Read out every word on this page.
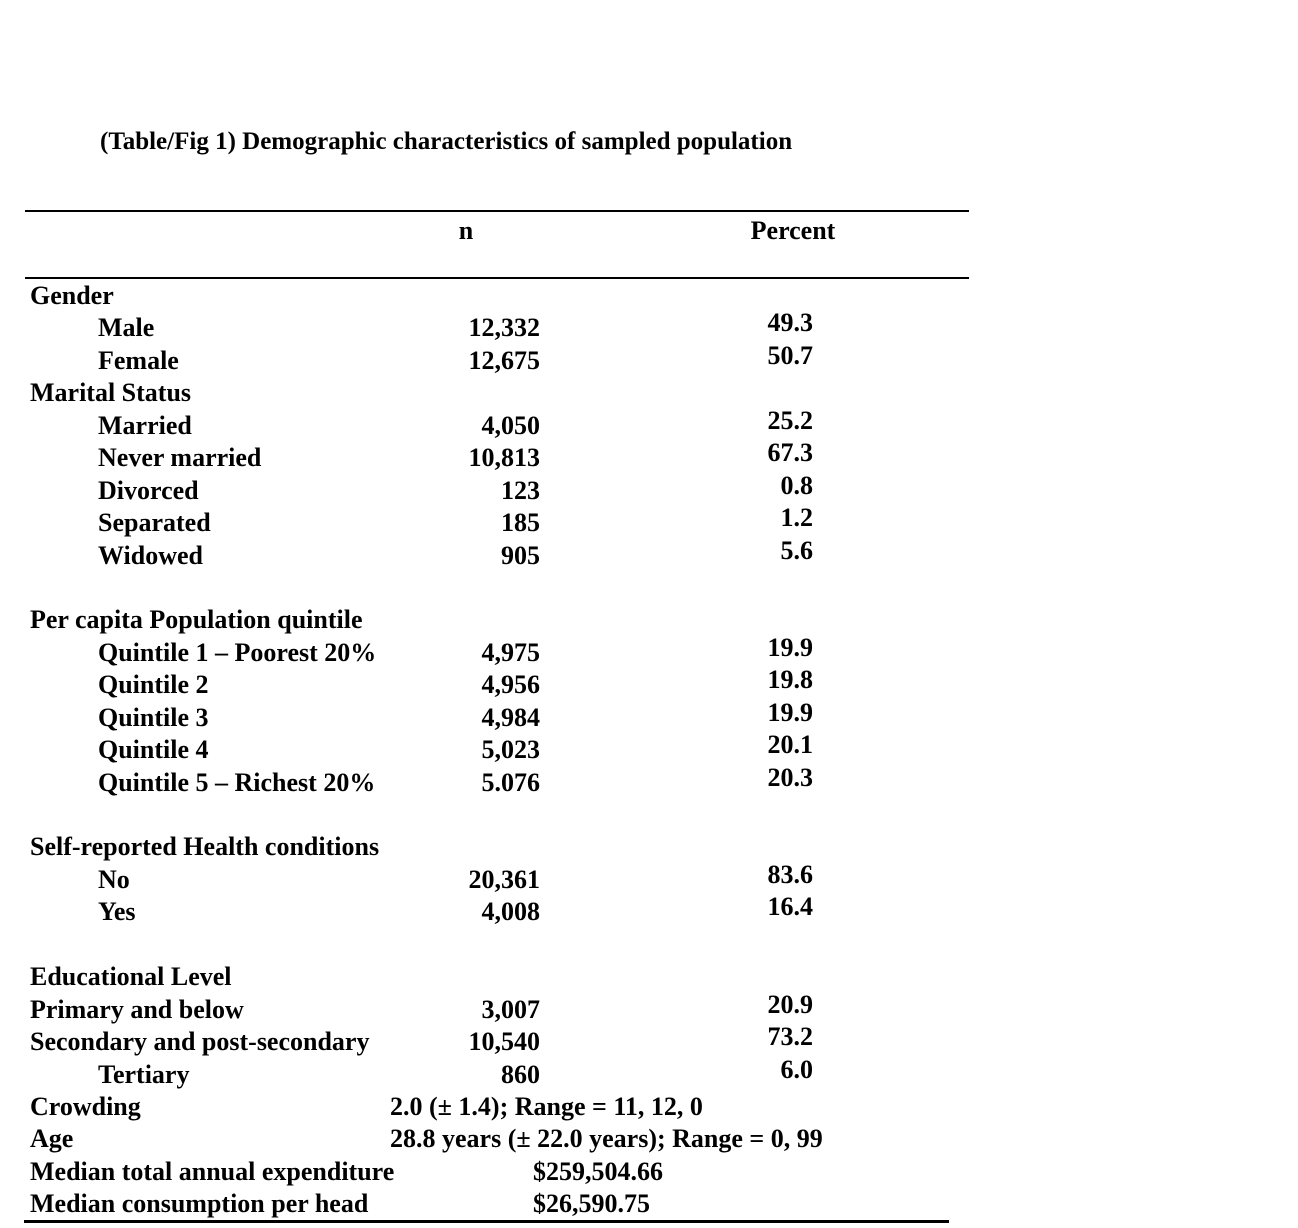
(Table/Fig 1) Demographic characteristics of sampled population
n	Percent
Gender
Male	12,332	49.3
Female	12,675	50.7
Marital Status
Married	4,050	25.2
Never married	10,813	67.3
Divorced	123	0.8
Separated	185	1.2
Widowed	905	5.6
Per capita Population quintile
Quintile 1 – Poorest 20%	4,975	19.9
Quintile 2	4,956	19.8
Quintile 3	4,984	19.9
Quintile 4	5,023	20.1
Quintile 5 – Richest 20%	5.076	20.3
Self-reported Health conditions
No	20,361	83.6
Yes	4,008	16.4
Educational Level
Primary and below	3,007	20.9
Secondary and post-secondary	10,540	73.2
Tertiary	860	6.0
Crowding	2.0 (± 1.4); Range = 11, 12, 0
Age	28.8 years (± 22.0 years); Range = 0, 99
Median total annual expenditure	$259,504.66
Median consumption per head	$26,590.75
